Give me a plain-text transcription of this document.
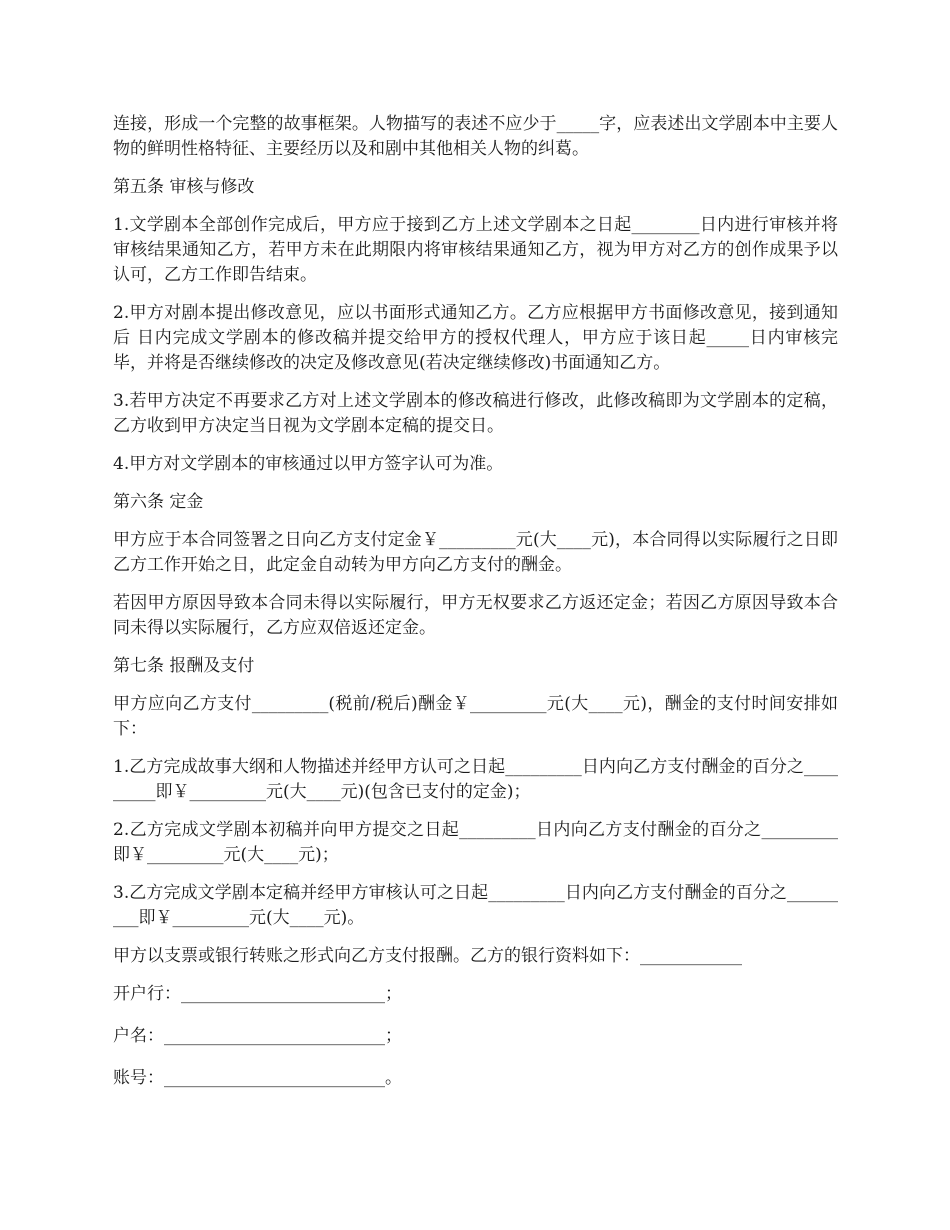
连接，形成一个完整的故事框架。人物描写的表述不应少于_____字，应表述出文学剧本中主要人物的鲜明性格特征、主要经历以及和剧中其他相关人物的纠葛。

第五条 审核与修改

1.文学剧本全部创作完成后，甲方应于接到乙方上述文学剧本之日起________日内进行审核并将审核结果通知乙方，若甲方未在此期限内将审核结果通知乙方，视为甲方对乙方的创作成果予以认可，乙方工作即告结束。

2.甲方对剧本提出修改意见，应以书面形式通知乙方。乙方应根据甲方书面修改意见，接到通知后 日内完成文学剧本的修改稿并提交给甲方的授权代理人，甲方应于该日起_____日内审核完毕，并将是否继续修改的决定及修改意见(若决定继续修改)书面通知乙方。

3.若甲方决定不再要求乙方对上述文学剧本的修改稿进行修改，此修改稿即为文学剧本的定稿，乙方收到甲方决定当日视为文学剧本定稿的提交日。

4.甲方对文学剧本的审核通过以甲方签字认可为准。

第六条 定金

甲方应于本合同签署之日向乙方支付定金￥_________元(大____元)，本合同得以实际履行之日即乙方工作开始之日，此定金自动转为甲方向乙方支付的酬金。

若因甲方原因导致本合同未得以实际履行，甲方无权要求乙方返还定金；若因乙方原因导致本合同未得以实际履行，乙方应双倍返还定金。

第七条 报酬及支付

甲方应向乙方支付_________(税前/税后)酬金￥_________元(大____元)，酬金的支付时间安排如下：

1.乙方完成故事大纲和人物描述并经甲方认可之日起_________日内向乙方支付酬金的百分之_________即￥_________元(大____元)(包含已支付的定金)；

2.乙方完成文学剧本初稿并向甲方提交之日起_________日内向乙方支付酬金的百分之_________即￥_________元(大____元)；

3.乙方完成文学剧本定稿并经甲方审核认可之日起_________日内向乙方支付酬金的百分之_________即￥_________元(大____元)。

甲方以支票或银行转账之形式向乙方支付报酬。乙方的银行资料如下：____________

开户行：________________________；

户名：__________________________；

账号：__________________________。
